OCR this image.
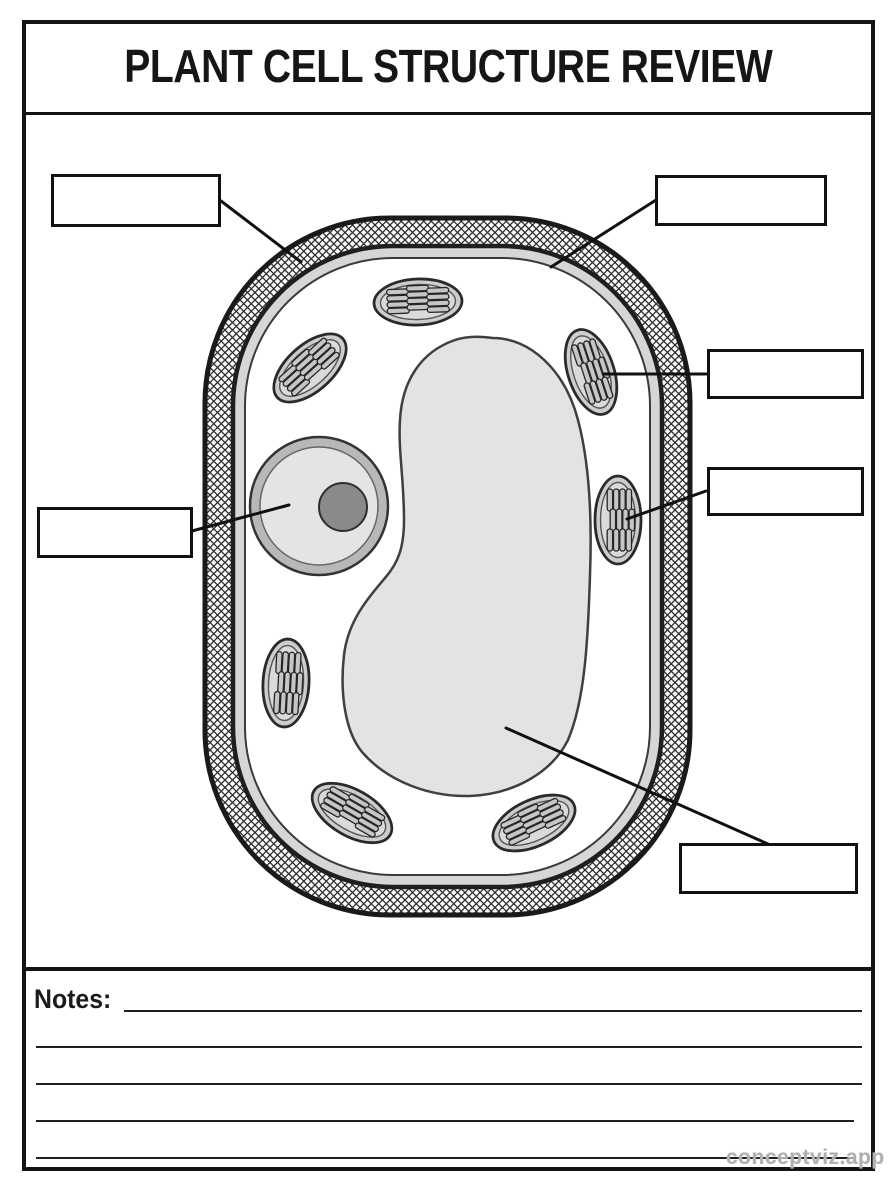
PLANT CELL STRUCTURE REVIEW
Notes:
conceptviz.app
